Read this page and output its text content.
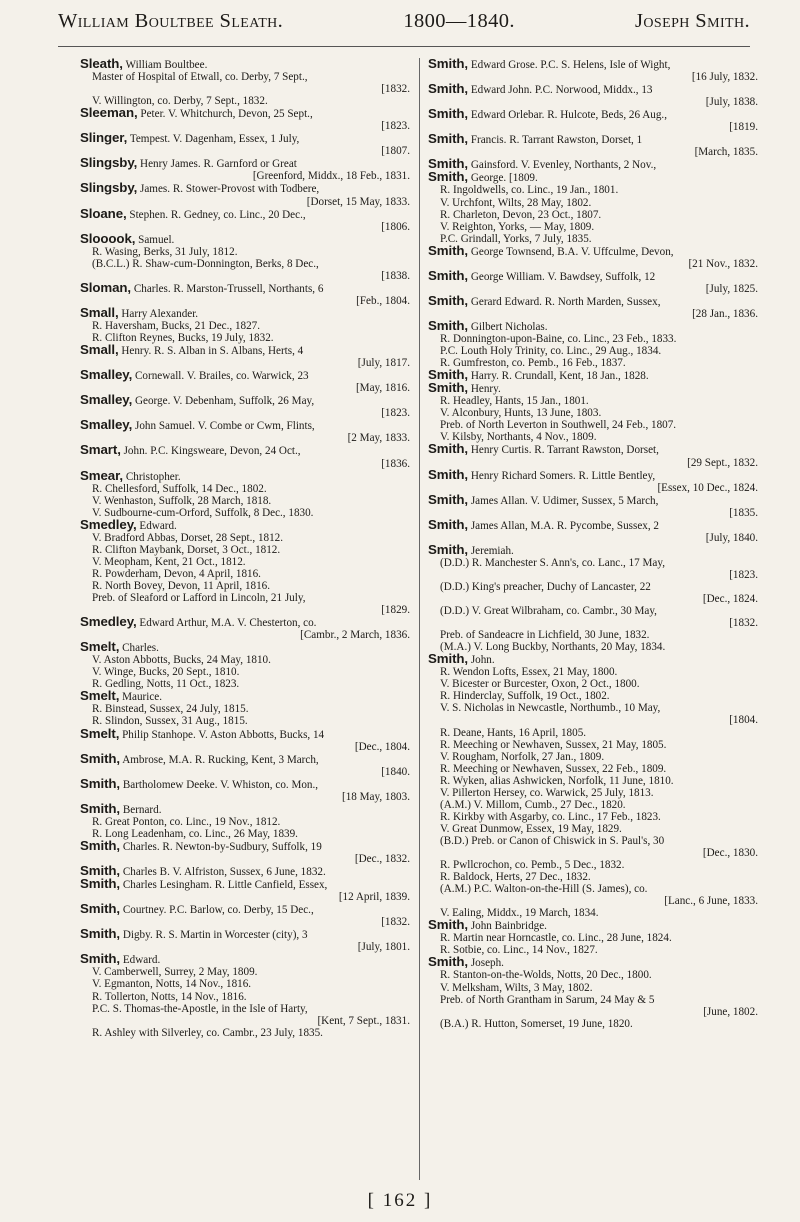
William Boultbee Sleath.	1800—1840.	Joseph Smith.
Sleath, William Boultbee.
Master of Hospital of Etwall, co. Derby, 7 Sept.,
[1832.
V. Willington, co. Derby, 7 Sept., 1832.
Sleeman, Peter. V. Whitchurch, Devon, 25 Sept.,
[1823.
Slinger, Tempest. V. Dagenham, Essex, 1 July,
[1807.
Slingsby, Henry James. R. Garnford or Great
[Greenford, Middx., 18 Feb., 1831.
Slingsby, James. R. Stower-Provost with Todbere,
[Dorset, 15 May, 1833.
Sloane, Stephen. R. Gedney, co. Linc., 20 Dec.,
[1806.
Slooook, Samuel.
R. Wasing, Berks, 31 July, 1812.
(B.C.L.) R. Shaw-cum-Donnington, Berks, 8 Dec.,
[1838.
Sloman, Charles. R. Marston-Trussell, Northants, 6
[Feb., 1804.
Small, Harry Alexander.
R. Haversham, Bucks, 21 Dec., 1827.
R. Clifton Reynes, Bucks, 19 July, 1832.
Small, Henry. R. S. Alban in S. Albans, Herts, 4
[July, 1817.
Smalley, Cornewall. V. Brailes, co. Warwick, 23
[May, 1816.
Smalley, George. V. Debenham, Suffolk, 26 May,
[1823.
Smalley, John Samuel. V. Combe or Cwm, Flints,
[2 May, 1833.
Smart, John. P.C. Kingsweare, Devon, 24 Oct.,
[1836.
Smear, Christopher.
R. Chellesford, Suffolk, 14 Dec., 1802.
V. Wenhaston, Suffolk, 28 March, 1818.
V. Sudbourne-cum-Orford, Suffolk, 8 Dec., 1830.
Smedley, Edward.
V. Bradford Abbas, Dorset, 28 Sept., 1812.
R. Clifton Maybank, Dorset, 3 Oct., 1812.
V. Meopham, Kent, 21 Oct., 1812.
R. Powderham, Devon, 4 April, 1816.
R. North Bovey, Devon, 11 April, 1816.
Preb. of Sleaford or Lafford in Lincoln, 21 July,
[1829.
Smedley, Edward Arthur, M.A. V. Chesterton, co.
[Cambr., 2 March, 1836.
Smelt, Charles.
V. Aston Abbotts, Bucks, 24 May, 1810.
V. Winge, Bucks, 20 Sept., 1810.
R. Gedling, Notts, 11 Oct., 1823.
Smelt, Maurice.
R. Binstead, Sussex, 24 July, 1815.
R. Slindon, Sussex, 31 Aug., 1815.
Smelt, Philip Stanhope. V. Aston Abbotts, Bucks, 14
[Dec., 1804.
Smith, Ambrose, M.A. R. Rucking, Kent, 3 March,
[1840.
Smith, Bartholomew Deeke. V. Whiston, co. Mon.,
[18 May, 1803.
Smith, Bernard.
R. Great Ponton, co. Linc., 19 Nov., 1812.
R. Long Leadenham, co. Linc., 26 May, 1839.
Smith, Charles. R. Newton-by-Sudbury, Suffolk, 19
[Dec., 1832.
Smith, Charles B. V. Alfriston, Sussex, 6 June, 1832.
Smith, Charles Lesingham. R. Little Canfield, Essex,
[12 April, 1839.
Smith, Courtney. P.C. Barlow, co. Derby, 15 Dec.,
[1832.
Smith, Digby. R. S. Martin in Worcester (city), 3
[July, 1801.
Smith, Edward.
V. Camberwell, Surrey, 2 May, 1809.
V. Egmanton, Notts, 14 Nov., 1816.
R. Tollerton, Notts, 14 Nov., 1816.
P.C. S. Thomas-the-Apostle, in the Isle of Harty,
[Kent, 7 Sept., 1831.
R. Ashley with Silverley, co. Cambr., 23 July, 1835.
Smith, Edward Grose. P.C. S. Helens, Isle of Wight,
[16 July, 1832.
Smith, Edward John. P.C. Norwood, Middx., 13
[July, 1838.
Smith, Edward Orlebar. R. Hulcote, Beds, 26 Aug.,
[1819.
Smith, Francis. R. Tarrant Rawston, Dorset, 1
[March, 1835.
Smith, Gainsford. V. Evenley, Northants, 2 Nov.,
Smith, George. [1809.
R. Ingoldwells, co. Linc., 19 Jan., 1801.
V. Urchfont, Wilts, 28 May, 1802.
R. Charleton, Devon, 23 Oct., 1807.
V. Reighton, Yorks, — May, 1809.
P.C. Grindall, Yorks, 7 July, 1835.
Smith, George Townsend, B.A. V. Uffculme, Devon,
[21 Nov., 1832.
Smith, George William. V. Bawdsey, Suffolk, 12
[July, 1825.
Smith, Gerard Edward. R. North Marden, Sussex,
[28 Jan., 1836.
Smith, Gilbert Nicholas.
R. Donnington-upon-Baine, co. Linc., 23 Feb., 1833.
P.C. Louth Holy Trinity, co. Linc., 29 Aug., 1834.
R. Gumfreston, co. Pemb., 16 Feb., 1837.
Smith, Harry. R. Crundall, Kent, 18 Jan., 1828.
Smith, Henry.
R. Headley, Hants, 15 Jan., 1801.
V. Alconbury, Hunts, 13 June, 1803.
Preb. of North Leverton in Southwell, 24 Feb., 1807.
V. Kilsby, Northants, 4 Nov., 1809.
Smith, Henry Curtis. R. Tarrant Rawston, Dorset,
[29 Sept., 1832.
Smith, Henry Richard Somers. R. Little Bentley,
[Essex, 10 Dec., 1824.
Smith, James Allan. V. Udimer, Sussex, 5 March,
[1835.
Smith, James Allan, M.A. R. Pycombe, Sussex, 2
[July, 1840.
Smith, Jeremiah.
(D.D.) R. Manchester S. Ann's, co. Lanc., 17 May,
[1823.
(D.D.) King's preacher, Duchy of Lancaster, 22
[Dec., 1824.
(D.D.) V. Great Wilbraham, co. Cambr., 30 May,
[1832.
Preb. of Sandeacre in Lichfield, 30 June, 1832.
(M.A.) V. Long Buckby, Northants, 20 May, 1834.
Smith, John.
R. Wendon Lofts, Essex, 21 May, 1800.
V. Bicester or Burcester, Oxon, 2 Oct., 1800.
R. Hinderclay, Suffolk, 19 Oct., 1802.
V. S. Nicholas in Newcastle, Northumb., 10 May,
[1804.
R. Deane, Hants, 16 April, 1805.
R. Meeching or Newhaven, Sussex, 21 May, 1805.
V. Rougham, Norfolk, 27 Jan., 1809.
R. Meeching or Newhaven, Sussex, 22 Feb., 1809.
R. Wyken, alias Ashwicken, Norfolk, 11 June, 1810.
V. Pillerton Hersey, co. Warwick, 25 July, 1813.
(A.M.) V. Millom, Cumb., 27 Dec., 1820.
R. Kirkby with Asgarby, co. Linc., 17 Feb., 1823.
V. Great Dunmow, Essex, 19 May, 1829.
(B.D.) Preb. or Canon of Chiswick in S. Paul's, 30
[Dec., 1830.
R. Pwllcrochon, co. Pemb., 5 Dec., 1832.
R. Baldock, Herts, 27 Dec., 1832.
(A.M.) P.C. Walton-on-the-Hill (S. James), co.
[Lanc., 6 June, 1833.
V. Ealing, Middx., 19 March, 1834.
Smith, John Bainbridge.
R. Martin near Horncastle, co. Linc., 28 June, 1824.
R. Sotbie, co. Linc., 14 Nov., 1827.
Smith, Joseph.
R. Stanton-on-the-Wolds, Notts, 20 Dec., 1800.
V. Melksham, Wilts, 3 May, 1802.
Preb. of North Grantham in Sarum, 24 May & 5
[June, 1802.
(B.A.) R. Hutton, Somerset, 19 June, 1820.
[ 162 ]
